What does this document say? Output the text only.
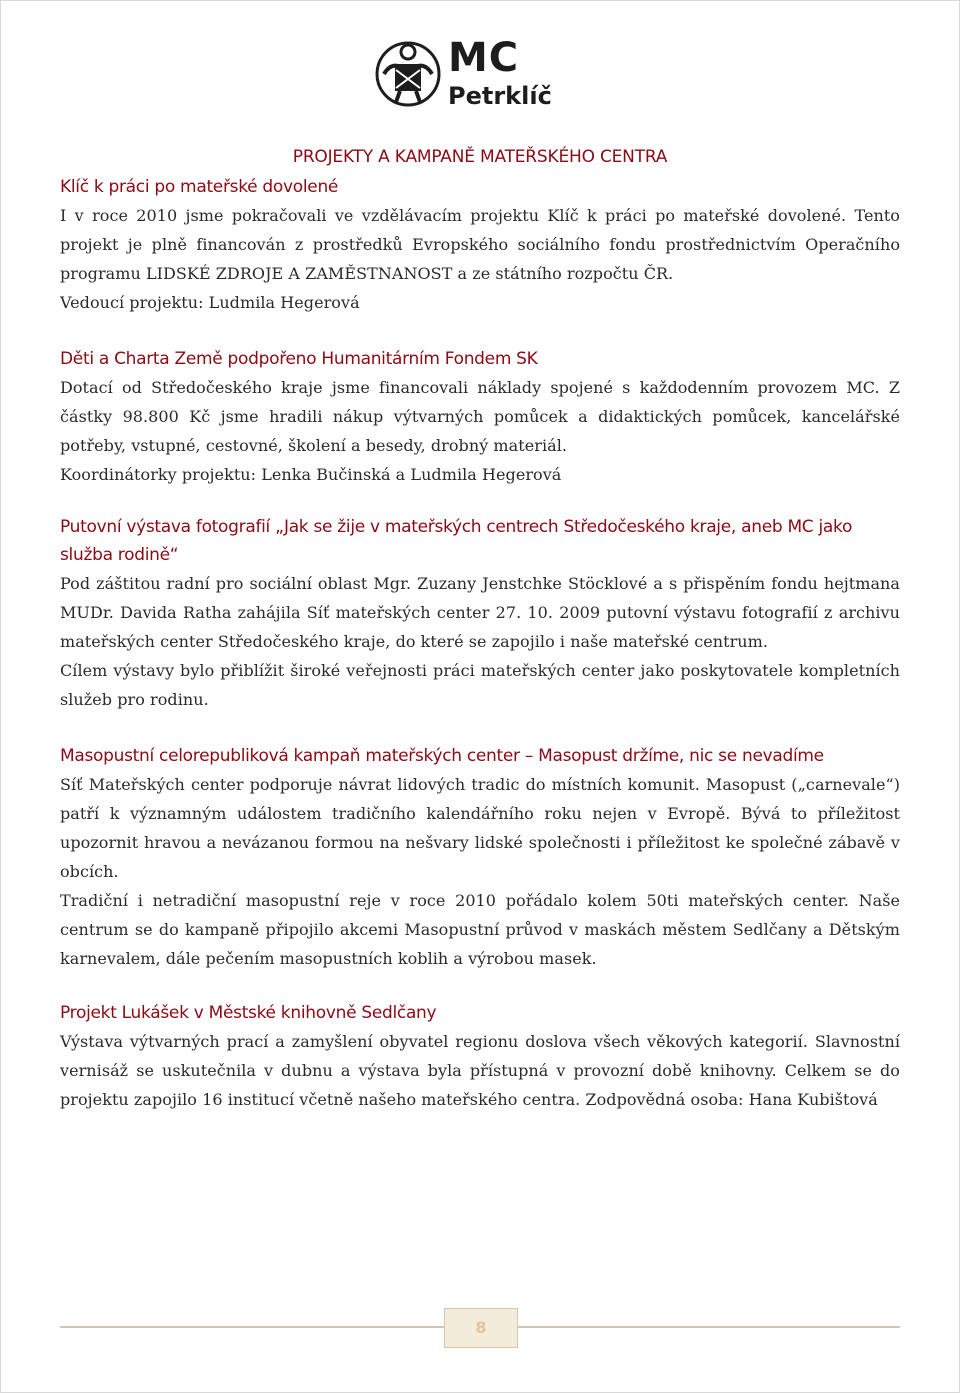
MC
Petrklíč
PROJEKTY A KAMPANĚ MATEŘSKÉHO CENTRA
Klíč k práci po mateřské dovolené

I v roce 2010 jsme pokračovali ve vzdělávacím projektu Klíč k práci po mateřské dovolené. Tento projekt je plně financován z prostředků Evropského sociálního fondu prostřednictvím Operačního programu LIDSKÉ ZDROJE A ZAMĚSTNANOST a ze státního rozpočtu ČR.

Vedoucí projektu: Ludmila Hegerová

Děti a Charta Země podpořeno Humanitárním Fondem SK

Dotací od Středočeského kraje jsme financovali náklady spojené s každodenním provozem MC. Z částky 98.800 Kč jsme hradili nákup výtvarných pomůcek a didaktických pomůcek, kancelářské potřeby, vstupné, cestovné, školení a besedy, drobný materiál.

Koordinátorky projektu: Lenka Bučinská a Ludmila Hegerová

Putovní výstava fotografií „Jak se žije v mateřských centrech Středočeského kraje, aneb MC jako služba rodině“

Pod záštitou radní pro sociální oblast Mgr. Zuzany Jenstchke Stöcklové a s přispěním fondu hejtmana MUDr. Davida Ratha zahájila Síť mateřských center 27. 10. 2009 putovní výstavu fotografií z archivu mateřských center Středočeského kraje, do které se zapojilo i naše mateřské centrum.

Cílem výstavy bylo přiblížit široké veřejnosti práci mateřských center jako poskytovatele kompletních služeb pro rodinu.

Masopustní celorepubliková kampaň mateřských center – Masopust držíme, nic se nevadíme

Síť Mateřských center podporuje návrat lidových tradic do místních komunit. Masopust („carnevale“) patří k významným událostem tradičního kalendářního roku nejen v Evropě. Bývá to příležitost upozornit hravou a nevázanou formou na nešvary lidské společnosti i příležitost ke společné zábavě v obcích.

Tradiční i netradiční masopustní reje v roce 2010 pořádalo kolem 50ti mateřských center. Naše centrum se do kampaně připojilo akcemi Masopustní průvod v maskách městem Sedlčany a Dětským karnevalem, dále pečením masopustních koblih a výrobou masek.

Projekt Lukášek v Městské knihovně Sedlčany

Výstava výtvarných prací a zamyšlení obyvatel regionu doslova všech věkových kategorií. Slavnostní vernisáž se uskutečnila v dubnu a výstava byla přístupná v provozní době knihovny. Celkem se do projektu zapojilo 16 institucí včetně našeho mateřského centra. Zodpovědná osoba: Hana Kubištová

8
